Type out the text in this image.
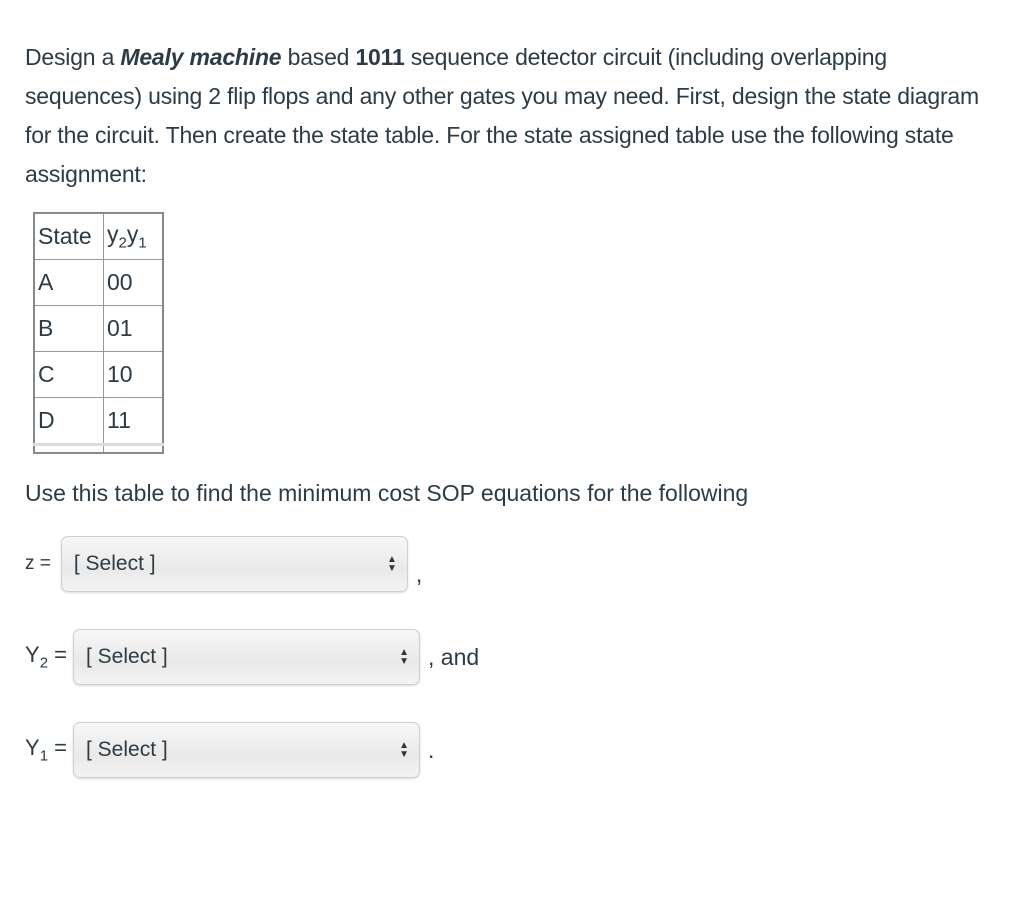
Design a Mealy machine based 1011 sequence detector circuit (including overlapping sequences) using 2 flip flops and any other gates you may need. First, design the state diagram for the circuit. Then create the state table. For the state assigned table use the following state assignment:
State	$y_2y_1$
A	00
B	01
C	10
D	11

Use this table to find the minimum cost SOP equations for the following
z = [ Select ]	▲
▼ ,
$Y_2$ = [ Select ]	▲
▼ , and
$Y_1$ = [ Select ]	▲
▼ .
